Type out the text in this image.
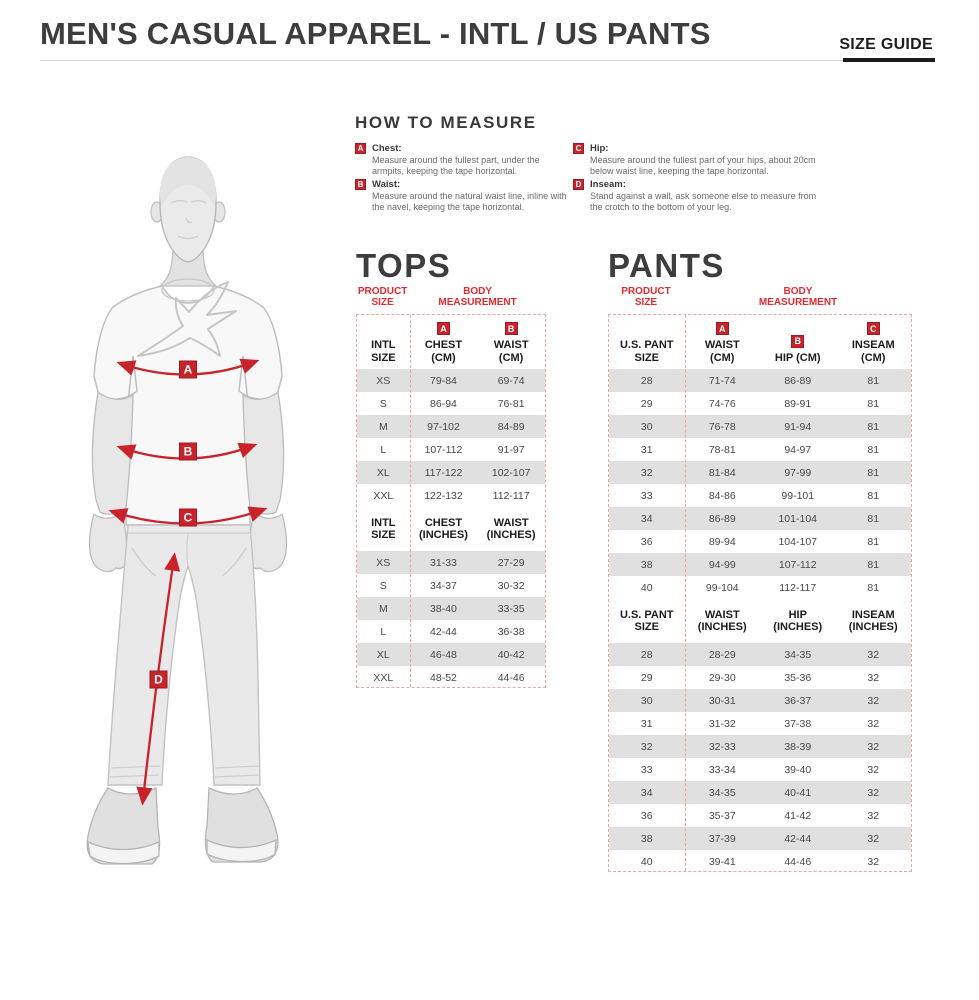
MEN'S CASUAL APPAREL - INTL / US PANTS	SIZE GUIDE
A
B
C
D
HOW TO MEASURE
A Chest:
Measure around the fullest part, under the armpits, keeping the tape horizontal.
B Waist:
Measure around the natural waist line, inline with the navel, keeping the tape horizontal.
C Hip:
Measure around the fullest part of your hips, about 20cm below waist line, keeping the tape horizontal.
D Inseam:
Stand against a wall, ask someone else to measure from the crotch to the bottom of your leg.
TOPS
PRODUCT SIZE
BODY MEASUREMENT
INTL SIZE
A
CHEST (CM)
B
WAIST (CM)
XS	79-84	69-74
S	86-94	76-81
M	97-102	84-89
L	107-112	91-97
XL	117-122	102-107
XXL	122-132	112-117
INTL SIZE
CHEST (INCHES)
WAIST (INCHES)
XS	31-33	27-29
S	34-37	30-32
M	38-40	33-35
L	42-44	36-38
XL	46-48	40-42
XXL	48-52	44-46
PANTS
PRODUCT SIZE
BODY MEASUREMENT
U.S. PANT SIZE
A
WAIST (CM)
B
HIP (CM)
C
INSEAM (CM)
28	71-74	86-89	81
29	74-76	89-91	81
30	76-78	91-94	81
31	78-81	94-97	81
32	81-84	97-99	81
33	84-86	99-101	81
34	86-89	101-104	81
36	89-94	104-107	81
38	94-99	107-112	81
40	99-104	112-117	81
U.S. PANT SIZE
WAIST (INCHES)
HIP (INCHES)
INSEAM (INCHES)
28	28-29	34-35	32
29	29-30	35-36	32
30	30-31	36-37	32
31	31-32	37-38	32
32	32-33	38-39	32
33	33-34	39-40	32
34	34-35	40-41	32
36	35-37	41-42	32
38	37-39	42-44	32
40	39-41	44-46	32
